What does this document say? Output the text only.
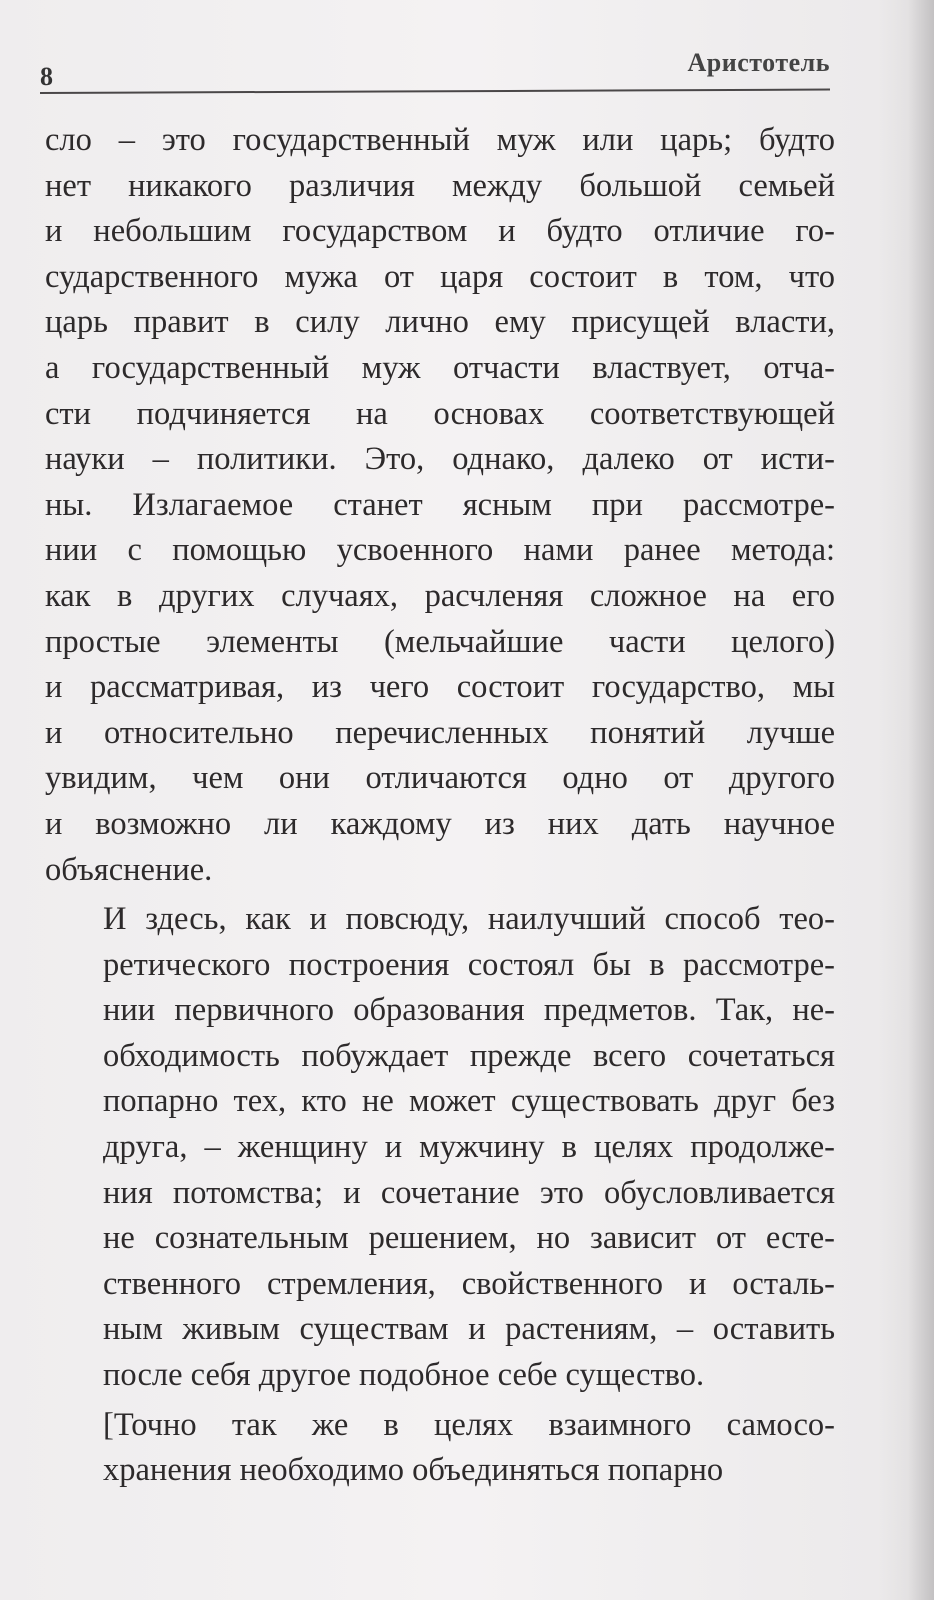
8	Аристотель

сло – это государственный муж или царь; будто
нет никакого различия между большой семьей
и небольшим государством и будто отличие го-
сударственного мужа от царя состоит в том, что
царь правит в силу лично ему присущей власти,
а государственный муж отчасти властвует, отча-
сти подчиняется на основах соответствующей
науки – политики. Это, однако, далеко от исти-
ны. Излагаемое станет ясным при рассмотре-
нии с помощью усвоенного нами ранее метода:
как в других случаях, расчленяя сложное на его
простые элементы (мельчайшие части целого)
и рассматривая, из чего состоит государство, мы
и относительно перечисленных понятий лучше
увидим, чем они отличаются одно от другого
и возможно ли каждому из них дать научное
объяснение.

И здесь, как и повсюду, наилучший способ тео-
ретического построения состоял бы в рассмотре-
нии первичного образования предметов. Так, не-
обходимость побуждает прежде всего сочетаться
попарно тех, кто не может существовать друг без
друга, – женщину и мужчину в целях продолже-
ния потомства; и сочетание это обусловливается
не сознательным решением, но зависит от есте-
ственного стремления, свойственного и осталь-
ным живым существам и растениям, – оставить
после себя другое подобное себе существо.

[Точно так же в целях взаимного самосо-
хранения необходимо объединяться попарно
